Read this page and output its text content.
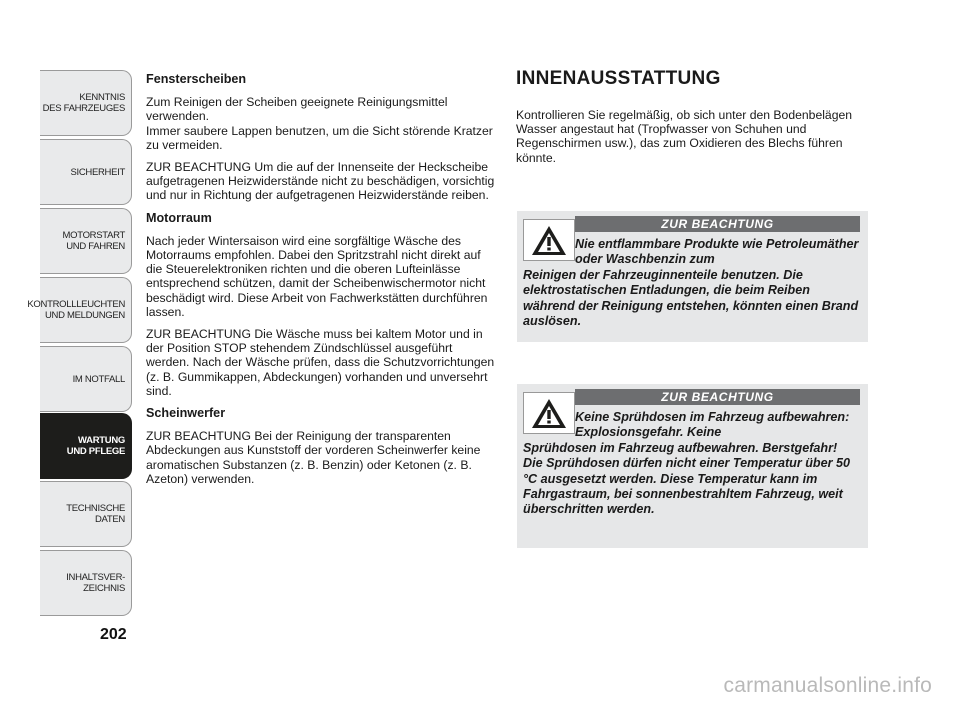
KENNTNIS
DES FAHRZEUGES
SICHERHEIT
MOTORSTART
UND FAHREN
KONTROLLLEUCHTEN
UND MELDUNGEN
IM NOTFALL
WARTUNG
UND PFLEGE
TECHNISCHE
DATEN
INHALTSVER-
ZEICHNIS
202
Fensterscheiben

Zum Reinigen der Scheiben geeignete Reinigungsmittel verwenden.

Immer saubere Lappen benutzen, um die Sicht störende Kratzer zu vermeiden.

ZUR BEACHTUNG Um die auf der Innenseite der Heckscheibe aufgetragenen Heizwiderstände nicht zu beschädigen, vorsichtig und nur in Richtung der aufgetragenen Heizwiderstände reiben.

Motorraum

Nach jeder Wintersaison wird eine sorgfältige Wäsche des Motorraums empfohlen. Dabei den Spritzstrahl nicht direkt auf die Steuerelektroniken richten und die oberen Lufteinlässe entsprechend schützen, damit der Scheibenwischermotor nicht beschädigt wird. Diese Arbeit von Fachwerkstätten durchführen lassen.

ZUR BEACHTUNG Die Wäsche muss bei kaltem Motor und in der Position STOP stehendem Zündschlüssel ausgeführt werden. Nach der Wäsche prüfen, dass die Schutzvorrichtungen (z. B. Gummikappen, Abdeckungen) vorhanden und unversehrt sind.

Scheinwerfer

ZUR BEACHTUNG Bei der Reinigung der transparenten Abdeckungen aus Kunststoff der vorderen Scheinwerfer keine aromatischen Substanzen (z. B. Benzin) oder Ketonen (z. B. Azeton) verwenden.

INNENAUSSTATTUNG
Kontrollieren Sie regelmäßig, ob sich unter den Bodenbelägen Wasser angestaut hat (Tropfwasser von Schuhen und Regenschirmen usw.), das zum Oxidieren des Blechs führen könnte.
ZUR BEACHTUNG
Nie entflammbare Produkte wie Petroleumäther oder Waschbenzin zum
Reinigen der Fahrzeuginnenteile benutzen. Die elektrostatischen Entladungen, die beim Reiben während der Reinigung entstehen, könnten einen Brand auslösen.
ZUR BEACHTUNG
Keine Sprühdosen im Fahrzeug aufbewahren: Explosionsgefahr. Keine
Sprühdosen im Fahrzeug aufbewahren. Berstgefahr! Die Sprühdosen dürfen nicht einer Temperatur über 50 °C ausgesetzt werden. Diese Temperatur kann im Fahrgastraum, bei sonnenbestrahltem Fahrzeug, weit überschritten werden.
carmanualsonline.info
